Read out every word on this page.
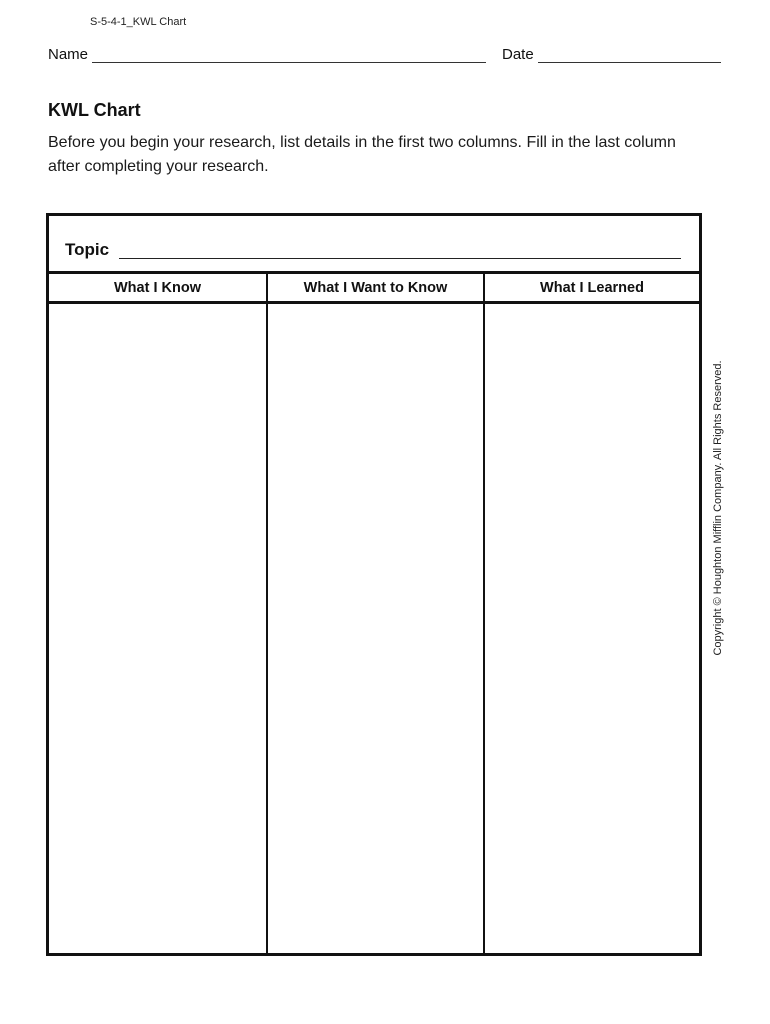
S-5-4-1_KWL Chart
Name	Date
KWL Chart
Before you begin your research, list details in the first two columns. Fill in the last column after completing your research.
Topic
What I Know	What I Want to Know	What I Learned
Copyright © Houghton Mifflin Company. All Rights Reserved.
